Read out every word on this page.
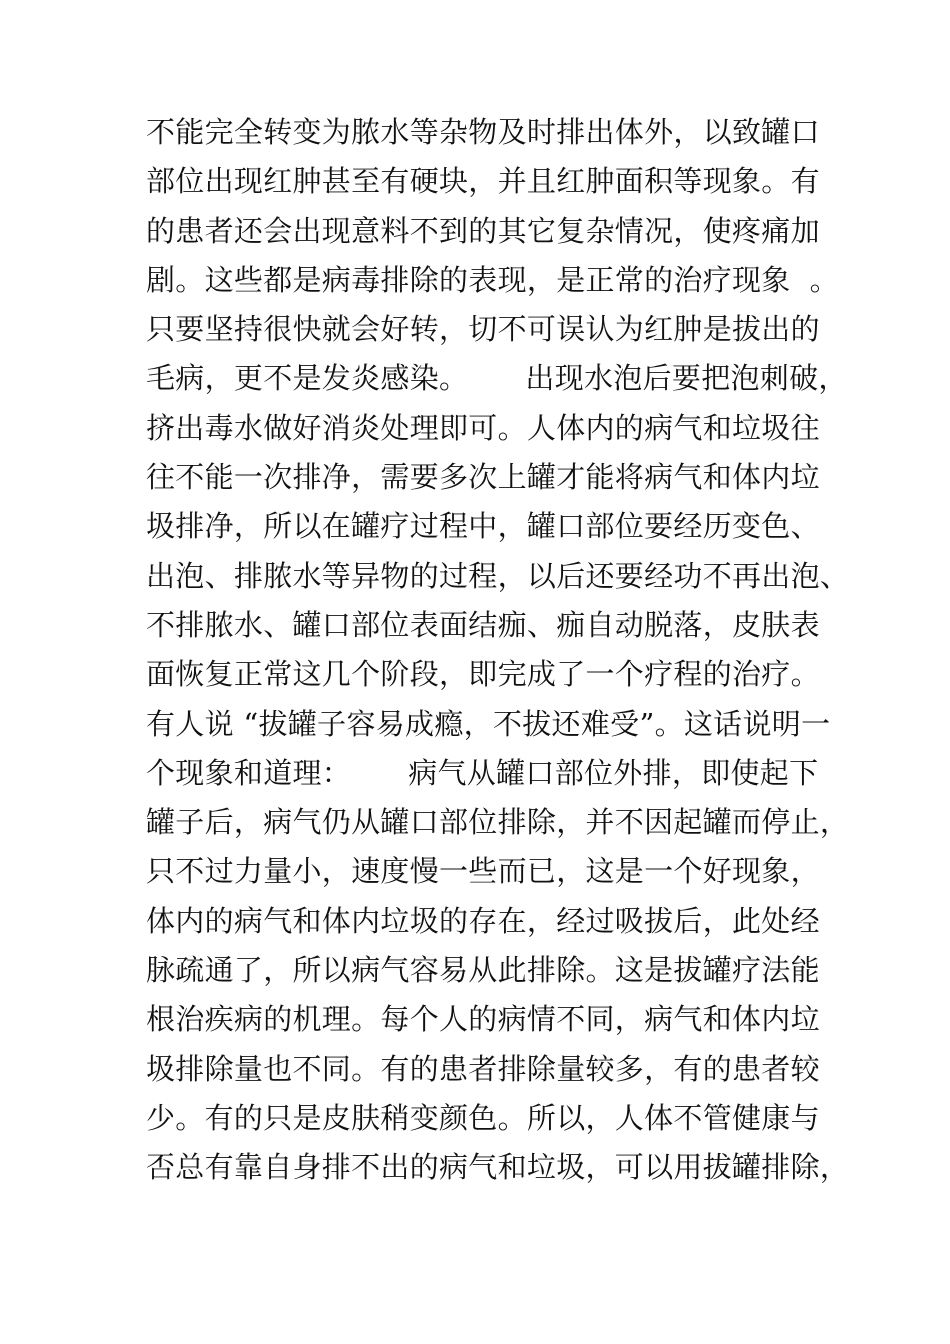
不能完全转变为脓水等杂物及时排出体外，以致罐口
部位出现红肿甚至有硬块，并且红肿面积等现象。有
的患者还会出现意料不到的其它复杂情况，使疼痛加
剧。这些都是病毒排除的表现，是正常的治疗现象  。
只要坚持很快就会好转，切不可误认为红肿是拔出的
毛病，更不是发炎感染。      出现水泡后要把泡刺破，
挤出毒水做好消炎处理即可。人体内的病气和垃圾往
往不能一次排净，需要多次上罐才能将病气和体内垃
圾排净，所以在罐疗过程中，罐口部位要经历变色、
出泡、排脓水等异物的过程，以后还要经功不再出泡、
不排脓水、罐口部位表面结痂、痂自动脱落，皮肤表
面恢复正常这几个阶段，即完成了一个疗程的治疗。
有人说 “拔罐子容易成瘾，不拔还难受”。这话说明一
个现象和道理：      病气从罐口部位外排，即使起下
罐子后，病气仍从罐口部位排除，并不因起罐而停止，
只不过力量小，速度慢一些而已，这是一个好现象，
体内的病气和体内垃圾的存在，经过吸拔后，此处经
脉疏通了，所以病气容易从此排除。这是拔罐疗法能
根治疾病的机理。每个人的病情不同，病气和体内垃
圾排除量也不同。有的患者排除量较多，有的患者较
少。有的只是皮肤稍变颜色。所以，人体不管健康与
否总有靠自身排不出的病气和垃圾，可以用拔罐排除，
